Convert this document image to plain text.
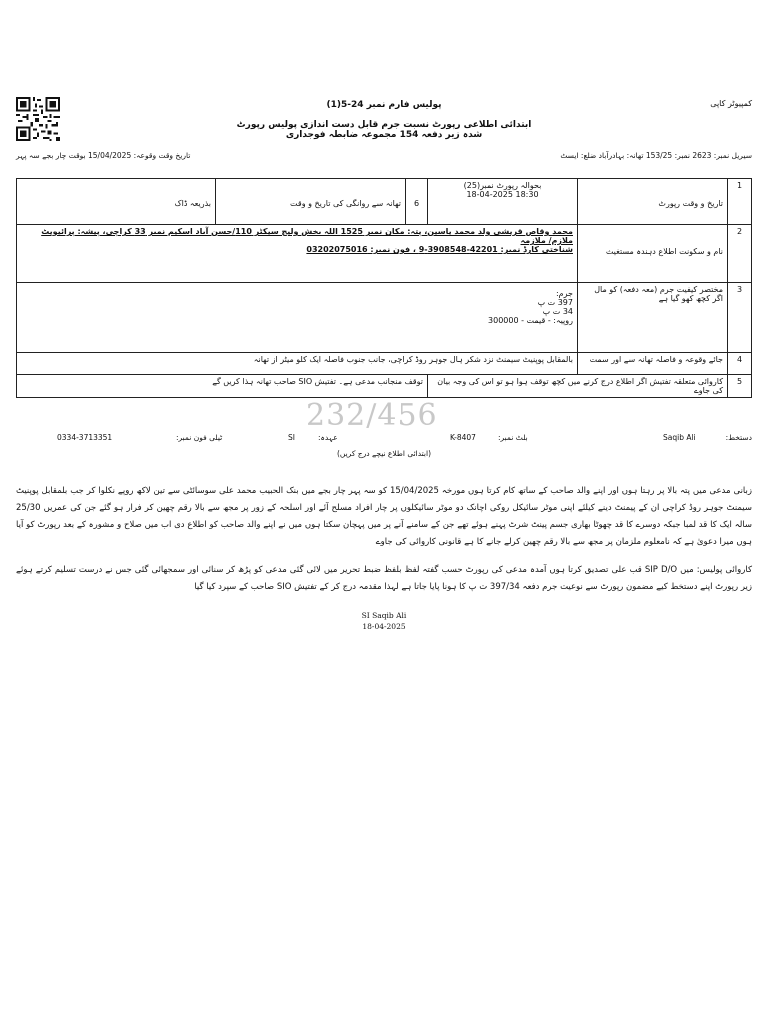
کمپیوٹر کاپی
پولیس فارم نمبر 24-5(1)
ابتدائی اطلاعی رپورٹ نسبت جرم قابل دست اندازی پولیس رپورٹ شدہ زیر دفعہ 154 مجموعہ ضابطہ فوجداری
سیریل نمبر: 2623 نمبر: 153/25 تھانہ: بہادرآباد ضلع: ایسٹ
تاریخ وقت وقوعہ: 15/04/2025 بوقت چار بجے سہ پہر
1	تاریخ و وقت رپورٹ	بحوالہ رپورٹ نمبر(25)
18-04-2025 18:30	6	تھانہ سے روانگی کی تاریخ و وقت	بذریعہ ڈاک
2	نام و سکونت اطلاع دہندہ مستغیث	محمد وقاص قریشی ولد محمد یاسین، پتہ: مکان نمبر 1525 اللہ بخش ولیج سیکٹر 110/حسن آباد اسکیم نمبر 33 کراچی، پیشہ: پرائیویٹ
ملازم/ ملازمہ
شناختی کارڈ نمبر: 42201-3908548-9 ، فون نمبر: 03202075016			

3	مختصر کیفیت جرم (معہ دفعہ) کو مال اگر کچھ کھو گیا ہے	جرم:
397 ت پ
34 ت پ
روپیہ: - قیمت - 300000			

4	جائے وقوعہ و فاصلہ تھانہ سے اور سمت	بالمقابل پوپنیٹ سیمنٹ نزد شکر ہال جوہر روڈ کراچی، جانب جنوب فاصلہ ایک کلو میٹر از تھانہ			
5	کاروائی متعلقہ تفتیش اگر اطلاع درج کرنے میں کچھ توقف ہوا ہو تو اس کی وجہ بیان کی جاوے		توقف منجانب مدعی ہے۔ تفتیش SIO صاحب تھانہ ہذا کریں گے		
232/456
دستخط:
Saqib Ali
بلٹ نمبر:
K-8407
عہدہ:
SI
ٹیلی فون نمبر:
0334-3713351
(ابتدائی اطلاع نیچے درج کریں)
زبانی مدعی میں پتہ بالا پر رہتا ہوں اور اپنے والد صاحب کے ساتھ کام کرتا ہوں مورخہ 15/04/2025 کو سہ پہر چار بجے میں بنک الحبیب محمد علی سوسائٹی سے تین لاکھ روپے نکلوا کر جب بلمقابل پوپنیٹ سیمنٹ جوہر روڈ کراچی ان کے پیمنٹ دینے کیلئے اپنی موٹر سائیکل روکی اچانک دو موٹر سائیکلوں پر چار افراد مسلح آئے اور اسلحہ کے زور پر مجھ سے بالا رقم چھین کر فرار ہو گئے جن کی عمریں 25/30 سالہ ایک کا قد لمبا جبکہ دوسرے کا قد چھوٹا بھاری جسم پینٹ شرٹ پہنے ہوئے تھے جن کے سامنے آنے پر میں پہچان سکتا ہوں میں نے اپنے والد صاحب کو اطلاع دی اب میں صلاح و مشورہ کے بعد رپورٹ کو آیا ہوں میرا دعویٰ ہے کہ نامعلوم ملزمان پر مجھ سے بالا رقم چھین کرلے جانے کا ہے قانونی کاروائی کی جاوے
کاروائی پولیس: میں SIP D/O قب علی تصدیق کرتا ہوں آمدہ مدعی کی رپورٹ حسب گفتہ لفظ بلفظ ضبط تحریر میں لائی گئی مدعی کو پڑھ کر سنائی اور سمجھائی گئی جس نے درست تسلیم کرتے ہوئے زیر رپورٹ اپنے دستخط کیے مضمون رپورٹ سے نوعیت جرم دفعہ 397/34 ت پ کا ہونا پایا جاتا ہے لہذا مقدمہ درج کر کے تفتیش SIO صاحب کے سپرد کیا گیا
SI Saqib Ali
18-04-2025
